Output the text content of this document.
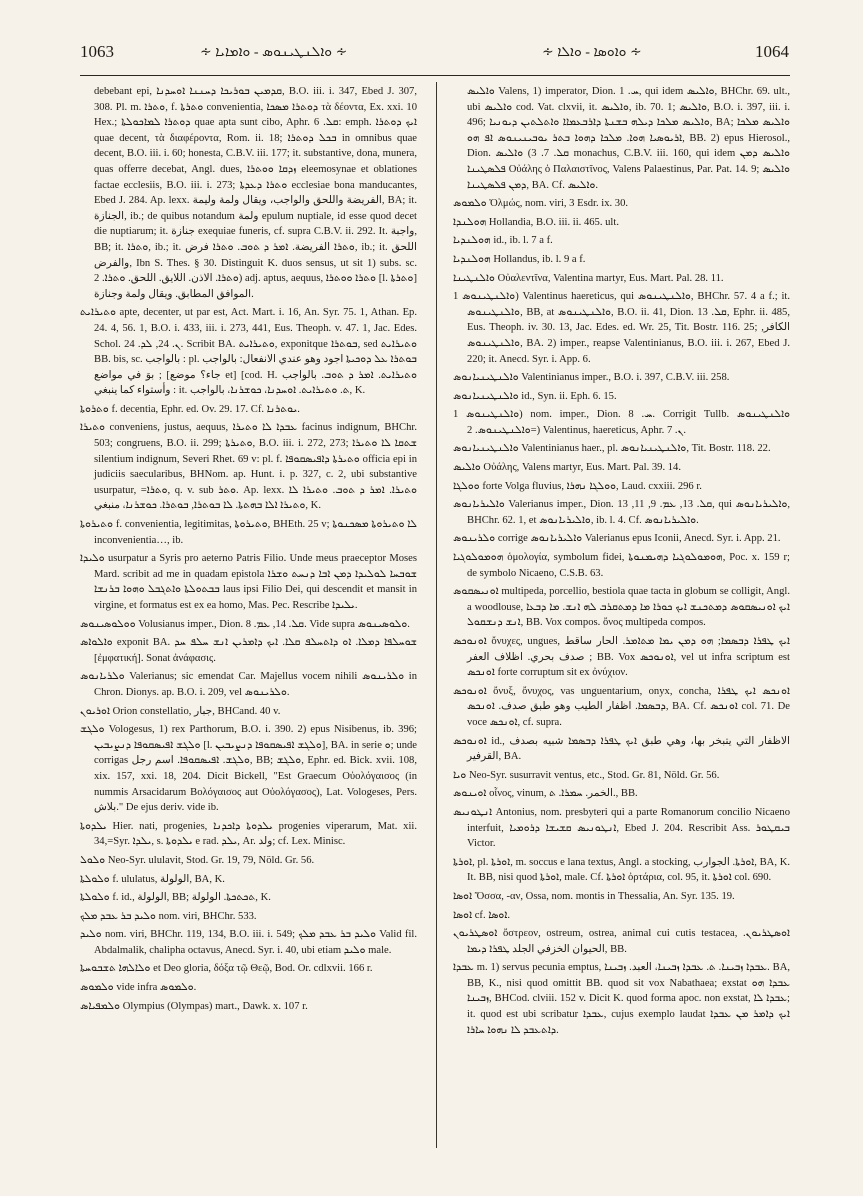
1063	∻ ܘܐܠܢܛܝܢܘܣ - ܘܐܡܐܝܐ ∻	∻ ܘܐܘܣܐ - ܘܐܠܐ ∻	1064

debebant epi, ܩܕܡܝܢ ܒܘܪܝܟܐ ܕܚܢܢܐ ܐܘܚܕܢܐ, B.O. iii. i. 347, Ebed J. 307, 308. Pl. m. ܘܬܪܐ, f. ܘܬܪܬܐ convenientia, ܕܘܬܪܐ ܡܣܟܐ τὰ δέοντα, Ex. xxi. 10 Hex.; ܕܘܬܪܐ ܠܡܐܟܘܠܬܐ quae apta sunt cibo, Aphr. ܩܠ. 6: emph. ܐܝܟ ܕܘܬܪܐ quae decent, τὰ διαφέροντα, Rom. ii. 18; ܒܟܠ ܕܘܬܪܐ in omnibus quae decent, B.O. iii. i. 60; honesta, C.B.V. iii. 177; it. substantive, dona, munera, quas offerre decebat, Angl. dues, ܙܕܩܐ ܘܘܬܪܐ eleemosynae et oblationes factae ecclesiis, B.O. iii. i. 273; ܘܬܪܐ ܕܥܕܬܐ ecclesiae bona manducantes, Ebed J. 284. Ap. lexx. الفريضة واللحق والواجب، ويقال ولمة وليمة, BA; it. الجنازة, ib.; de quibus notandum ولمة epulum nuptiale, id esse quod decet die nuptiarum; it. جنازة exequiae funeris, cf. supra C.B.V. ii. 292. It. واجبة, BB; it. ܘܬܪܐ, ib.; it. ܘܬܪܐ الفريضة. ܐܡܪ ܕ ܬܘܒ. ܘܬܪܐ فرض, ib.; it. اللحق والفرض, Ibn S. Thes. § 30. Distinguit K. duos sensus, ut sit 1) subs. sc. ܘܬܪܐ. الاذن. اللايق. اللحق. ܘܬܪܐ. 2) adj. aptus, aequus, ܘܬܪܐ ܘܘܬܪܐ [l. ܘܬܪܬܐ] الموافق المطابق. ويقال ولمة وجنازة.

ܘܬܝܪܐܝܬ apte, decenter, ut par est, Act. Mart. i. 16, An. Syr. 75. 1, Athan. Ep. 24. 4, 56. 1, B.O. i. 433, iii. i. 273, 441, Eus. Theoph. v. 47. 1, Jac. Edes. Schol. ܢ. 24, ܠܕ. 24. Scribit BA. ܘܬܝܪܐܝܬ, exponitque ܒܘܬܪܐ, sed ܘܬܝܪܐܝܬ BB. bis, sc. بالواجب : pl. ܒܘܬܪܐ ܥܠ ܕܘܟܝܬܐ اجود وهو عندي الانفعال: بالواجب ; بوَ في مواضع [جاء؟ موضع et] [cod. H. ܘܬܝܪܐܝܬ. ܐܡܪ ܕ ܬܘܒ. بالواجب وأستواء كما ينبغي : it. ܬ. ܘܬܝܪܐܝܬ. ܐܘܚܕܢܐ، ܟܘܫܪܢܐ، بالواجب, K.

ܘܬܪܘܬܐ f. decentia, Ephr. ed. Ov. 29. 17. Cf. ܝܘܬܪܢܐ.

ܘܬܝܪܐ conveniens, justus, aequus, ܥܒܕܐ ܠܐ ܘܬܝܪܐ facinus indignum, BHChr. 503; congruens, B.O. ii. 299; ܘܬܝܪܬܐ, B.O. iii. i. 272, 273; ܫܬܩܐ ܠܐ ܘܬܝܪܐ silentium indignum, Severi Rhet. 69 v: pl. f. ܘܬܝܪܬܐ ܕܐܦܝܣܩܘܦܐ officia epi in judiciis saecularibus, BHNom. ap. Hunt. i. p. 327, c. 2, ubi substantive usurpatur, =ܘܬܪܐ, q. v. sub ܘܬܪ. Ap. lexx. ܘܬܝܪܐ. ܐܡܪ ܕ ܬܘܒ. ܘܬܝܪܐ ܠܐ ܘܬܝܪܐ ܐܠܐ ܒܗܬܬܐ. ܠܐ ܒܘܬܪܐ, ܒܘܬܪܐ. ܟܘܫܪܢܐ، منبغي, K.

ܘܬܝܪܘܬܐ f. convenientia, legitimitas, ܘܬܝܪܘܬܐ, BHEth. 25 v; ܠܐ ܘܬܝܪܘܬܐ ܡܣܟܢܘܬܐ inconvenientia…, ib.

ܘܠܝܕܐ usurpatur a Syris pro aeterno Patris Filio. Unde meus praeceptor Moses Mard. scribit ad me in quadam epistola ܫܘܒܚܐ ܠܘܠܝܕܐ ܕܡܢ ܐܒܐ ܕܢܚܬ ܘܫܪܐ ܒܒܬܘܠܬܐ ܘܐܬܓܒܠ ܘܗܘܐ ܒܪܢܫܐ laus ipsi Filio Dei, qui descendit et mansit in virgine, et formatus est ex ea homo, Mas. Pec. Rescribe ܝܠܝܕܐ.

ܘܘܠܘܣܝܢܘܣ Volusianus imper., Dion. ܩܠ. 14, ܥܡ. 8. Vide supra ܘܠܘܣܝܢܘܣ.

ܘܐܠܘܐܣ exponit BA. ܫܘܚܠܦܐ ܕܡܠܐ. ܐܘ ܕܐܬܚܠܦ ܩܠܐ. ܐܝܟ ܕܐܡܪܝܢ ܐܢܫ ܚܠܦ ܚܕ [ἐμφατική]. Sonat ἀνάφασις.

ܘܠܪܝܐܢܘܣ Valerianus; sic emendat Car. Majellus vocem nihili ܘܠܪܝܢܘܣ in Chron. Dionys. ap. B.O. i. 209, vel ܘܠܪܝܢܘܣ.

ܐܘܪܝܘܢ Orion constellatio, جبار, BHCand. 40 v.

ܘܠܓܫ Vologesus, 1) rex Parthorum, B.O. i. 390. 2) epus Nisibenus, ib. 396; ܘܠܓܫ ܐܦܝܣܩܘܦܐ ܕܢܨܝܒܝܢ [l. ܘܠܓܫ ܐܦܝܣܩܘܦܐ ܕܢܨܝܒܝܢ], BA. in serie ܘ; unde corrigas ܘܠܓܫ. ܐܦܝܣܩܘܦܐ. اسم رجل, BB; ܘܠܓܫ, Ephr. ed. Bick. xvii. 108, xix. 157, xxi. 18, 204. Dicit Bickell, "Est Graecum Οὐολόγαισος (in nummis Arsacidarum Βολόγαισος aut Οὐολόγασος), Lat. Vologeses, Pers. بلاش." De ejus deriv. vide ib.

ܝܠܕܘܬܐ Hier. nati, progenies, ܝܠܕܘܬܐ ܕܐܟܕܢܐ progenies viperarum, Mat. xii. 34,=Syr. ܝܠܕܐ, s. ܝܠܕܘܬܐ e rad. ܝܠܕ, Ar. ولد; cf. Lex. Minisc.

ܘܠܘܠ Neo-Syr. ululavit, Stod. Gr. 19, 79, Nöld. Gr. 56.

ܘܠܘܠܬܐ f. ululatus, الولولة, BA, K.

ܘܠܘܠܬܐ f. id., الولولة, BB; ܬܟܬܟܬܐ. الولولة, K.

ܘܠܝܕ ܒܪ ܥܒܕ ܡܠܟ nom. viri, BHChr. 533.

ܘܠܝܕ nom. viri, BHChr. 119, 134, B.O. iii. i. 549; ܘܠܝܕ ܒܪ ܥܒܕ ܡܠܟ Valid fil. Abdalmalik, chalipha octavus, Anecd. Syr. i. 40, ubi etiam ܘܠܝܕ male.

ܘܠܐܠܗܐ ܬܫܒܘܚܬܐ et Deo gloria, δόξα τῷ Θεῷ, Bod. Or. cdlxvii. 166 r.

ܘܠܡܘܣ vide infra ܘܠܡܘܣ.

ܘܠܡܦܝܐܣ Olympius (Olympas) mart., Dawk. x. 107 r.

ܘܐܠܝܣ Valens, 1) imperator, Dion. ܚ. 1, qui idem ܘܐܠܝܣ, BHChr. 69. ult., ubi ܘܐܠܝܣ cod. Vat. clxvii, it. ܘܐܠܝܣ, ib. 70. 1; ܘܐܠܝܣ, B.O. i. 397, iii. i. 496; ܘܐܠܝܣ ܡܠܟܐ ܕܝܠܗ ܒܫܢܬܐ ܕܐܪܒܥܡܐܐ ܘܐܬܠܬܝܢ ܕܝܘܢܝܐ, BA; ܘܐܠܝܣ ܡܠܟܐ ܐܪܝܘܣܝܐ ܗܘܐ. ܡܠܟܐ ܕܗܘܐ ܒܬܪ ܝܘܒܝܢܝܢܘܣ ܐܦ ܗܘ, BB. 2) epus Hierosol., Dion. ܩܠ. 7. 3) ܘܐܠܝܣ monachus, C.B.V. iii. 160, qui idem ܘܐܠܝܣ ܕܡܢ ܦܠܣܛܝܢܐ Οὐάλης ὁ Παλαιστῖνος, Valens Palaestinus, Par. Pat. 14. 9; ܘܐܠܝܣ ܕܡܢ ܦܠܣܛܝܢܐ, BA. Cf. ܘܐܠܝܣ.

ܘܠܡܘܣ Ὀλμώς, nom. viri, 3 Esdr. ix. 30.

ܗܘܠܢܕܐ Hollandia, B.O. iii. ii. 465. ult.

ܗܘܠܢܕܝܐ id., ib. l. 7 a f.

ܗܘܠܢܕܝܐ Hollandus, ib. l. 9 a f.

ܘܐܠܢܛܝܢܐ Οὐαλεντῖνα, Valentina martyr, Eus. Mart. Pal. 28. 11.

ܘܐܠܢܛܝܢܘܣ 1) Valentinus haereticus, qui ܘܐܠܢܛܝܢܘܣ, BHChr. 57. 4 a f.; it. ܘܐܠܢܛܝܢܘܣ, BB, at ܘܐܠܢܛܝܢܘܣ, B.O. ii. 41, Dion. ܩܠ. 13, Ephr. ii. 485, Eus. Theoph. iv. 30. 13, Jac. Edes. ed. Wr. 25, Tit. Bostr. 116. 25; الكافر, ܘܐܠܢܛܝܢܘܣ, BA. 2) imper., reapse Valentinianus, B.O. iii. i. 267, Ebed J. 220; it. Anecd. Syr. i. App. 6.

ܘܐܠܢܛܝܢܝܐܢܘܣ Valentinianus imper., B.O. i. 397, C.B.V. iii. 258.

ܘܐܠܢܛܝܢܝܐܢܘܣ id., Syn. ii. Eph. 6. 15.

ܘܐܠܢܛܝܢܘܣ 1) nom. imper., Dion. ܚ. 8. Corrigit Tullb. ܘܐܠܢܛܝܢܘܣ =ܘܐܠܢܛܝܢܘܣ. 2) Valentinus, haereticus, Aphr. ܢ. 7.

ܘܐܠܢܛܝܢܝܐܢܘܣ Valentinianus haer., pl. ܘܐܠܢܛܝܢܝܐܢܘܣ, Tit. Bostr. 118. 22.

ܘܐܠܝܣ Οὐάλης, Valens martyr, Eus. Mart. Pal. 39. 14.

ܘܘܠܓܐ forte Volga fluvius, ܘܘܠܓܐ ܢܗܪܐ, Laud. cxxiii. 296 r.

ܘܐܠܝܪܝܐܢܘܣ Valerianus imper., Dion. ܩܠ. 13, ܥܡ. 9, 11, 13, qui ܘܐܠܝܪܝܐܢܘܣ, BHChr. 62. 1, et ܘܐܠܝܪܝܐܢܘܣ, ib. l. 4. Cf. ܘܐܠܝܪܝܐܢܘܣ.

ܘܠܪܝܢܘܣ corrige ܘܐܠܝܪܝܐܢܘܣ Valerianus epus Iconii, Anecd. Syr. i. App. 21.

ܗܘܡܘܠܘܓܝܐ ὁμολογία, symbolum fidei, ܗܘܡܘܠܘܓܝܐ ܕܗܝܡܢܘܬܐ, Poc. x. 159 r; de symbolo Nicaeno, C.S.B. 63.

ܐܘܢܝܣܩܘܣ multipeda, porcellio, bestiola quae tacta in globum se colligit, Angl. a woodlouse, ܐܝܟ ܐܘܢܝܣܩܘܣ ܕܡܬܟܢܫ ܐܝܟ ܟܘܪܐ ܡܐ ܕܡܬܩܪܒ ܠܗ ܐܢܫ. ܡܐ ܕܒܥܐ ܐܢܫ ܕܢܫܩܘܠ, BB. Vox compos. ὄνος multipeda compos.

ܐܘܢܘܟܣ ὄνυχες, ungues, ܐܝܟ ܛܦܪܐ ܕܒܣܡܐ; ܗܘ ܕܡܢ ܝܡܐ ܡܬܐܡܪ. الحار ساقط صدف بحري. اظلاف العفر ; BB. Vox ܐܘܢܘܟܣ, vel ut infra scriptum est ܐܘܢܟܣ forte corruptum sit ex ὀνύχιον.

ܐܘܢܘܟܣ ὄνυξ, ὄνυχος, vas unguentarium, onyx, concha, ܐܘܢܟܣ ܐܝܟ ܛܦܪܐ ܕܒܣܡܐ. اظفار الطيب وهو طبق صدف. ܐܘܢܟܣ, BA. Cf. ܐܘܢܟܣ col. 71. De voce ܐܘܢܟܣ, cf. supra.

ܐܘܢܘܟܣ id., الاظفار التي يتبخر بها، وهي طبق ܐܝܟ ܛܦܪܐ ܕܒܣܡܐ شبيه بصدف القرفير, BA.

ܘܝܐ Neo-Syr. susurravit ventus, etc., Stod. Gr. 81, Nöld. Gr. 56.

ܐܘܝܢܘܣ οἶνος, vinum, الخمر. ܚܡܪܐ. ܬ., BB.

ܐܢܛܘܢܝܣ Antonius, nom. presbyteri qui a parte Romanorum concilio Nicaeno interfuit, ܐܢܛܘܢܝܣ ܩܫܝܫܐ ܕܪܘܡܝܐ, Ebed J. 204. Rescribit Ass. ܒܝܩܛܘܪ Victor.

ܐܘܪܬܐ, pl. ܐܘܪܬܐ, m. soccus e lana textus, Angl. a stocking, ܐܘܪܬܐ. الجوارب, BA, K. It. BB, nisi quod ܐܘܪܬܐ, male. Cf. ܐܘܪܬܐ ὀρτάρια, col. 95, it. ܐܘܪܬܐ col. 690.

ܐܘܣܐ Ὄσσα, -αν, Ossa, nom. montis in Thessalia, An. Syr. 135. 19.

ܐܘܣܐ cf. ܐܘܣܐ.

ܐܘܣܛܪܝܘܢ ὄστρεον, ostreum, ostrea, animal cui cutis testacea, ܐܘܣܛܪܝܘܢ. الحيوان الخزفي الجلد ܛܦܪܐ ܕܝܡܐ, BB.

ܥܒܕܐ m. 1) servus pecunia emptus, ܥܒܕܐ ܙܒܝܢܐ. ܬ. ܥܒܕܐ ܙܒܝܢܐ، العبد. ܙܒܝܢܐ. BA, BB, K., nisi quod omittit BB. quod sit vox Nabathaea; exstat ܥܒܕܐ ܗܘ ܙܒܝܢܐ, BHCod. clviii. 152 v. Dicit K. quod forma apoc. non exstat, ܥܒܕܐ ܠܐ; it. quod est ubi scribatur ܥܒܕܐ, cujus exemplo laudat ܐܝܟ ܕܐܡܪ ܡܢ ܥܒܕܐ ܕܐܬܥܒܕ ܠܐ ܢܗܘܐ ܚܐܪܐ.
